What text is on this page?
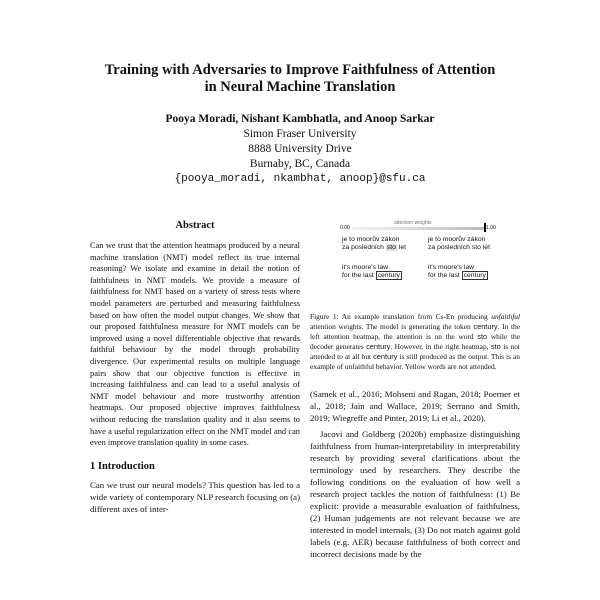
Training with Adversaries to Improve Faithfulness of Attention
in Neural Machine Translation
Pooya Moradi, Nishant Kambhatla, and Anoop Sarkar
Simon Fraser University
8888 University Drive
Burnaby, BC, Canada
{pooya_moradi, nkambhat, anoop}@sfu.ca
Abstract
Can we trust that the attention heatmaps produced by a neural machine translation (NMT) model reflect its true internal reasoning? We isolate and examine in detail the notion of faithfulness in NMT models. We provide a measure of faithfulness for NMT based on a variety of stress tests where model parameters are perturbed and measuring faithfulness based on how often the model output changes. We show that our proposed faithfulness measure for NMT models can be improved using a novel differentiable objective that rewards faithful behaviour by the model through probability divergence. Our experimental results on multiple language pairs show that our objective function is effective in increasing faithfulness and can lead to a useful analysis of NMT model behaviour and more trustworthy attention heatmaps. Our proposed objective improves faithfulness without reducing the translation quality and it also seems to have a useful regularization effect on the NMT model and can even improve translation quality in some cases.
1 Introduction
Can we trust our neural models? This question has led to a wide variety of contemporary NLP research focusing on (a) different axes of inter-
attention weights
0.00	1.00
je to moorův zákon
za posledních sto let
it's moore's law
for the last century
je to moorův zákon
za posledních sto let
it's moore's law
for the last century
Figure 1: An example translation from Cs-En producing unfaithful attention weights. The model is generating the token century. In the left attention heatmap, the attention is on the word sto while the decoder generates century. However, in the right heatmap, sto is not attended to at all but century is still produced as the output. This is an example of unfaithful behavior. Yellow words are not attended.

(Samek et al., 2016; Mohseni and Ragan, 2018; Poerner et al., 2018; Jain and Wallace, 2019; Serrano and Smith, 2019; Wiegreffe and Pinter, 2019; Li et al., 2020).

Jacovi and Goldberg (2020b) emphasize distinguishing faithfulness from human-interpretability in interpretability research by providing several clarifications about the terminology used by researchers. They describe the following conditions on the evaluation of how well a research project tackles the notion of faithfulness: (1) Be explicit: provide a measurable evaluation of faithfulness, (2) Human judgements are not relevant because we are interested in model internals, (3) Do not match against gold labels (e.g. AER) because faithfulness of both correct and incorrect decisions made by the
